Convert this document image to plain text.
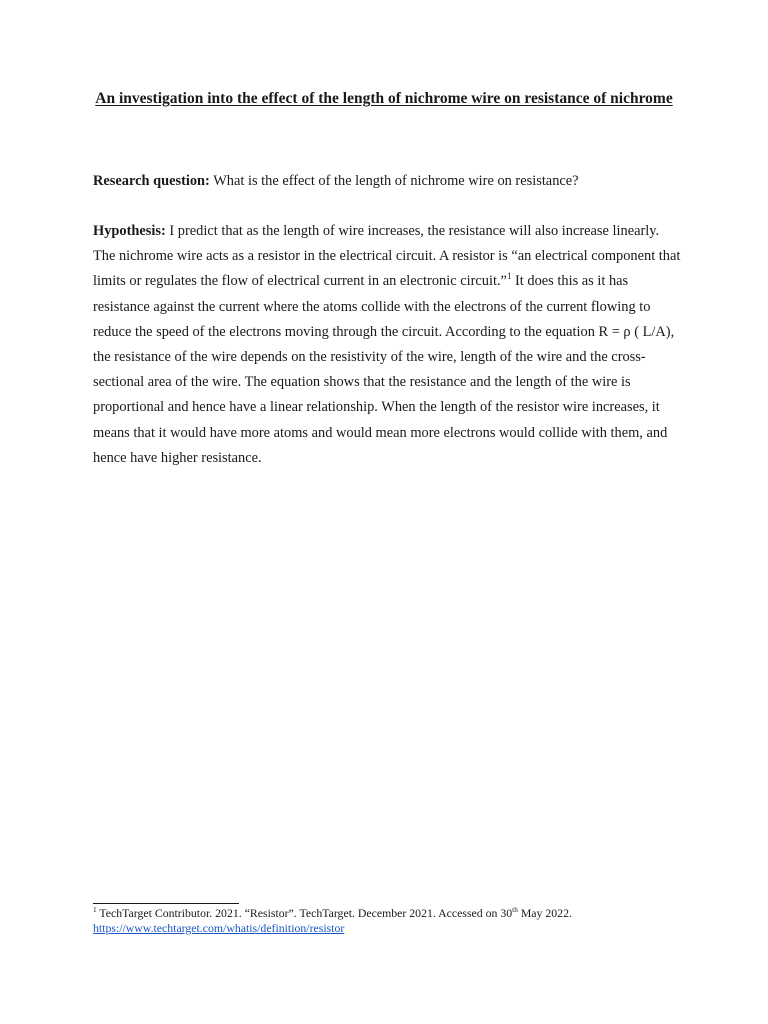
An investigation into the effect of the length of nichrome wire on resistance of nichrome

Research question: What is the effect of the length of nichrome wire on resistance?

Hypothesis: I predict that as the length of wire increases, the resistance will also increase linearly. The nichrome wire acts as a resistor in the electrical circuit. A resistor is “an electrical component that limits or regulates the flow of electrical current in an electronic circuit.”$^1$ It does this as it has resistance against the current where the atoms collide with the electrons of the current flowing to reduce the speed of the electrons moving through the circuit. According to the equation R = ρ ( L/A), the resistance of the wire depends on the resistivity of the wire, length of the wire and the cross-sectional area of the wire. The equation shows that the resistance and the length of the wire is proportional and hence have a linear relationship. When the length of the resistor wire increases, it means that it would have more atoms and would mean more electrons would collide with them, and hence have higher resistance.

$^1$ TechTarget Contributor. 2021. “Resistor”. TechTarget. December 2021. Accessed on 30th May 2022.
https://www.techtarget.com/whatis/definition/resistor
